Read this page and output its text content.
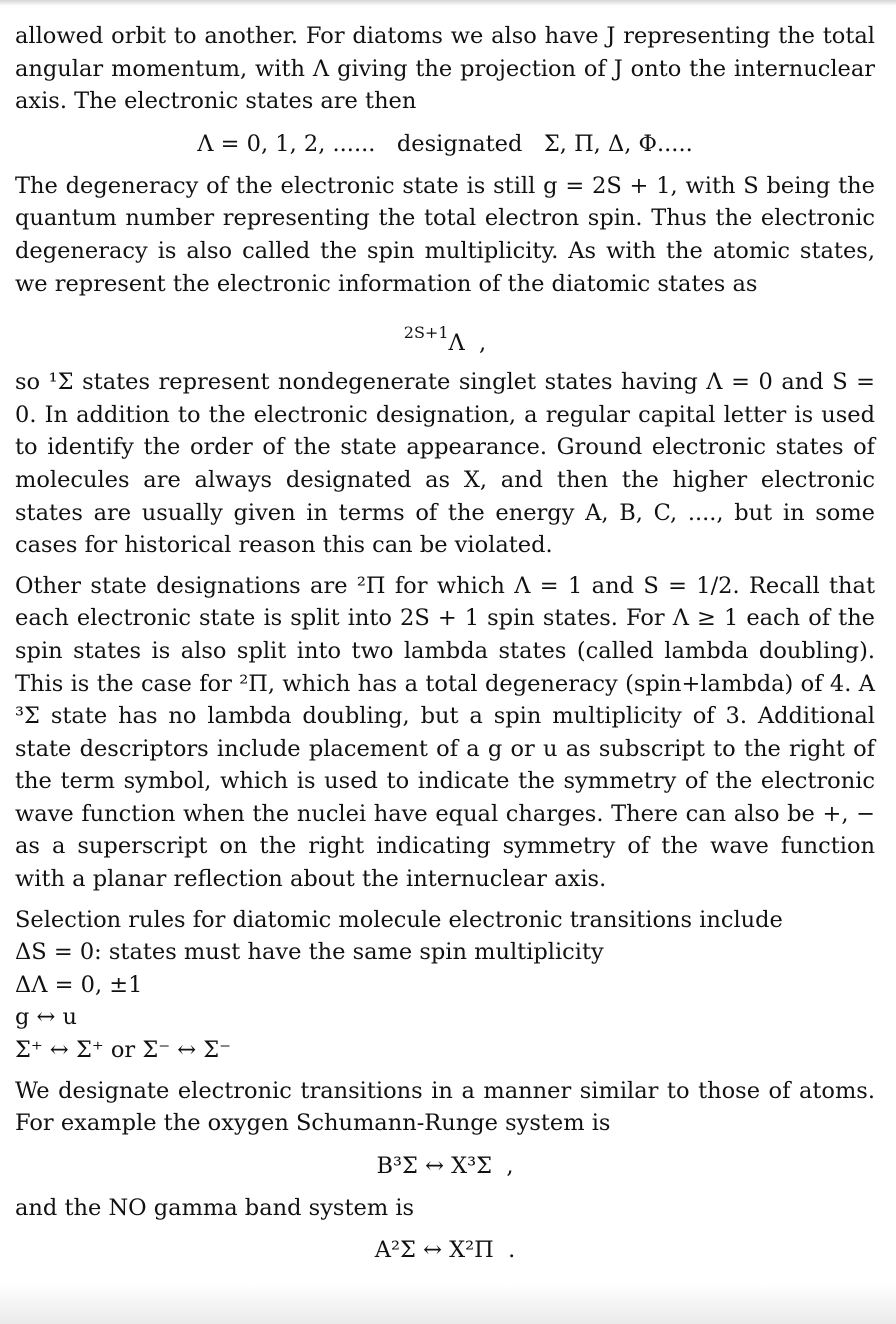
allowed orbit to another. For diatoms we also have J representing the total angular momentum, with Λ giving the projection of J onto the internuclear axis. The electronic states are then

Λ = 0, 1, 2, ......   designated   Σ, Π, Δ, Φ.....

The degeneracy of the electronic state is still g = 2S + 1, with S being the quantum number representing the total electron spin. Thus the electronic degeneracy is also called the spin multiplicity. As with the atomic states, we represent the electronic information of the diatomic states as

2S+1Λ  ,

so ¹Σ states represent nondegenerate singlet states having Λ = 0 and S = 0. In addition to the electronic designation, a regular capital letter is used to identify the order of the state appearance. Ground electronic states of molecules are always designated as X, and then the higher electronic states are usually given in terms of the energy A, B, C, ...., but in some cases for historical reason this can be violated.

Other state designations are ²Π for which Λ = 1 and S = 1/2. Recall that each electronic state is split into 2S + 1 spin states. For Λ ≥ 1 each of the spin states is also split into two lambda states (called lambda doubling). This is the case for ²Π, which has a total degeneracy (spin+lambda) of 4. A ³Σ state has no lambda doubling, but a spin multiplicity of 3. Additional state descriptors include placement of a g or u as subscript to the right of the term symbol, which is used to indicate the symmetry of the electronic wave function when the nuclei have equal charges. There can also be +, − as a superscript on the right indicating symmetry of the wave function with a planar reflection about the internuclear axis.

Selection rules for diatomic molecule electronic transitions include

ΔS = 0: states must have the same spin multiplicity
ΔΛ = 0, ±1
g ↔ u
Σ⁺ ↔ Σ⁺ or Σ⁻ ↔ Σ⁻

We designate electronic transitions in a manner similar to those of atoms. For example the oxygen Schumann-Runge system is

B³Σ ↔ X³Σ  ,

and the NO gamma band system is

A²Σ ↔ X²Π  .
